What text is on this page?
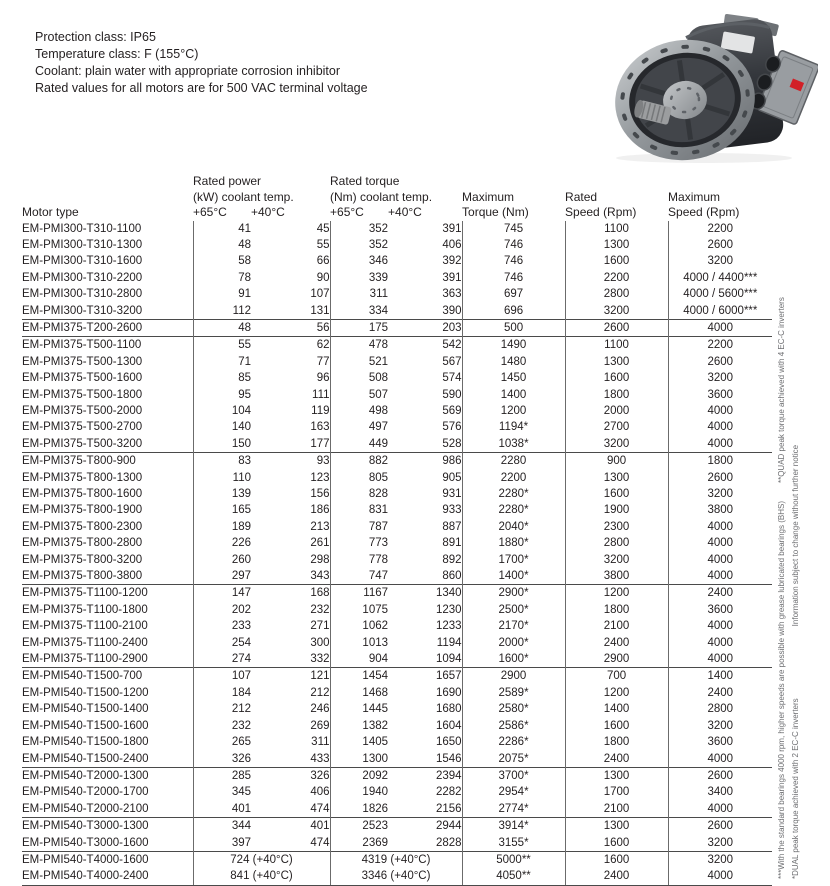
Protection class: IP65
Temperature class: F (155°C)
Coolant: plain water with appropriate corrosion inhibitor
Rated values for all motors are for 500 VAC terminal voltage
Motor type	Rated power		Rated torque				
	(kW) coolant temp.		(Nm) coolant temp.		Maximum	Rated	Maximum
	+65°C	+40°C	+65°C	+40°C	Torque (Nm)	Speed (Rpm)	Speed (Rpm)
EM-PMI300-T310-1100	41	45	352	391	745	1100	2200
EM-PMI300-T310-1300	48	55	352	406	746	1300	2600
EM-PMI300-T310-1600	58	66	346	392	746	1600	3200
EM-PMI300-T310-2200	78	90	339	391	746	2200	4000 / 4400***
EM-PMI300-T310-2800	91	107	311	363	697	2800	4000 / 5600***
EM-PMI300-T310-3200	112	131	334	390	696	3200	4000 / 6000***
EM-PMI375-T200-2600	48	56	175	203	500	2600	4000
EM-PMI375-T500-1100	55	62	478	542	1490	1100	2200
EM-PMI375-T500-1300	71	77	521	567	1480	1300	2600
EM-PMI375-T500-1600	85	96	508	574	1450	1600	3200
EM-PMI375-T500-1800	95	111	507	590	1400	1800	3600
EM-PMI375-T500-2000	104	119	498	569	1200	2000	4000
EM-PMI375-T500-2700	140	163	497	576	1194*	2700	4000
EM-PMI375-T500-3200	150	177	449	528	1038*	3200	4000
EM-PMI375-T800-900	83	93	882	986	2280	900	1800
EM-PMI375-T800-1300	110	123	805	905	2200	1300	2600
EM-PMI375-T800-1600	139	156	828	931	2280*	1600	3200
EM-PMI375-T800-1900	165	186	831	933	2280*	1900	3800
EM-PMI375-T800-2300	189	213	787	887	2040*	2300	4000
EM-PMI375-T800-2800	226	261	773	891	1880*	2800	4000
EM-PMI375-T800-3200	260	298	778	892	1700*	3200	4000
EM-PMI375-T800-3800	297	343	747	860	1400*	3800	4000
EM-PMI375-T1100-1200	147	168	1167	1340	2900*	1200	2400
EM-PMI375-T1100-1800	202	232	1075	1230	2500*	1800	3600
EM-PMI375-T1100-2100	233	271	1062	1233	2170*	2100	4000
EM-PMI375-T1100-2400	254	300	1013	1194	2000*	2400	4000
EM-PMI375-T1100-2900	274	332	904	1094	1600*	2900	4000
EM-PMI540-T1500-700	107	121	1454	1657	2900	700	1400
EM-PMI540-T1500-1200	184	212	1468	1690	2589*	1200	2400
EM-PMI540-T1500-1400	212	246	1445	1680	2580*	1400	2800
EM-PMI540-T1500-1600	232	269	1382	1604	2586*	1600	3200
EM-PMI540-T1500-1800	265	311	1405	1650	2286*	1800	3600
EM-PMI540-T1500-2400	326	433	1300	1546	2075*	2400	4000
EM-PMI540-T2000-1300	285	326	2092	2394	3700*	1300	2600
EM-PMI540-T2000-1700	345	406	1940	2282	2954*	1700	3400
EM-PMI540-T2000-2100	401	474	1826	2156	2774*	2100	4000
EM-PMI540-T3000-1300	344	401	2523	2944	3914*	1300	2600
EM-PMI540-T3000-1600	397	474	2369	2828	3155*	1600	3200
EM-PMI540-T4000-1600	724 (+40°C)		4319 (+40°C)		5000**	1600	3200
EM-PMI540-T4000-2400	841 (+40°C)		3346 (+40°C)		4050**	2400	4000	***With the standard bearings 4000 rpm, higher speeds are possible with grease lubricated bearings (BHS)**QUAD peak torque achieved with 4 EC-C inverters
*DUAL peak torque achieved with 2 EC-C invertersInformation subject to change without further notice
